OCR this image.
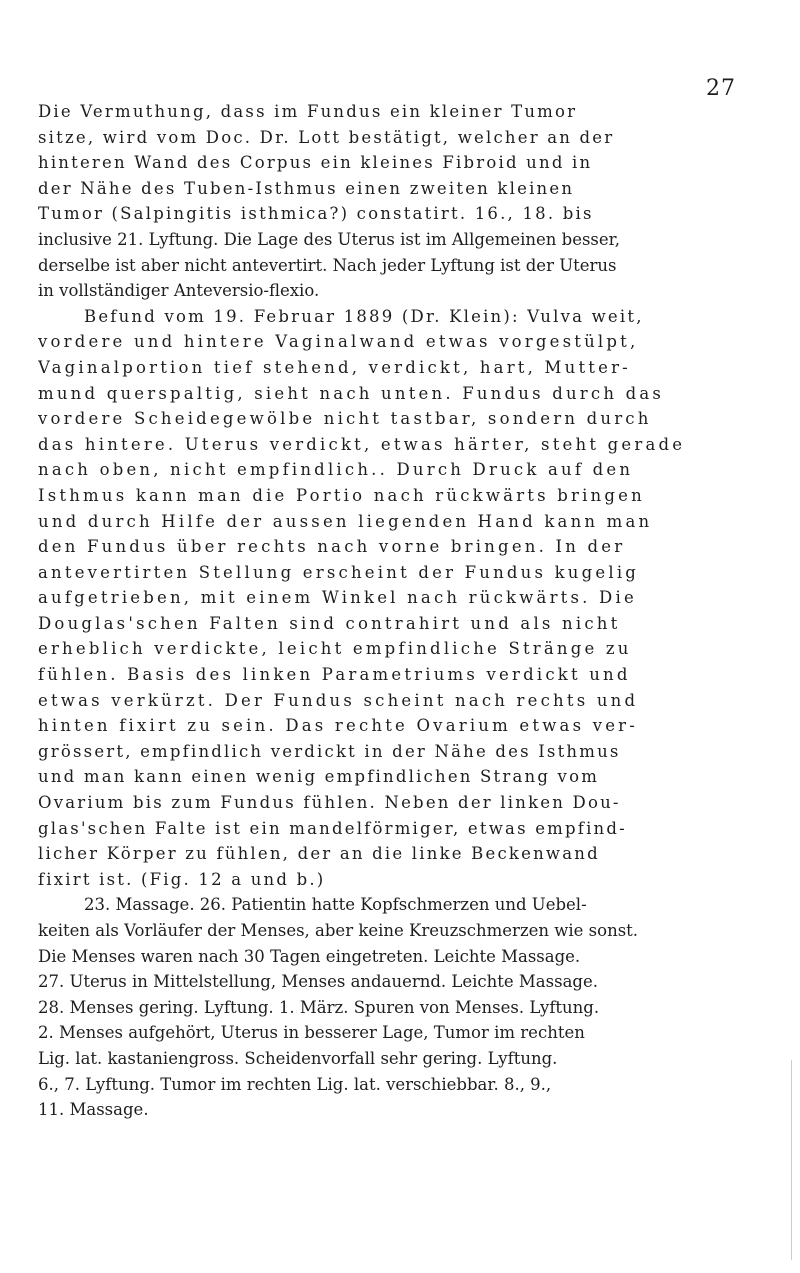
27
Die Vermuthung, dass im Fundus ein kleiner Tumor
sitze, wird vom Doc. Dr. Lott bestätigt, welcher an der
hinteren Wand des Corpus ein kleines Fibroid und in
der Nähe des Tuben-Isthmus einen zweiten kleinen
Tumor (Salpingitis isthmica?) constatirt. 16., 18. bis
inclusive 21. Lyftung. Die Lage des Uterus ist im Allgemeinen besser,
derselbe ist aber nicht antevertirt. Nach jeder Lyftung ist der Uterus
in vollständiger Anteversio-flexio.
Befund vom 19. Februar 1889 (Dr. Klein): Vulva weit,
vordere und hintere Vaginalwand etwas vorgestülpt,
Vaginalportion tief stehend, verdickt, hart, Mutter-
mund querspaltig, sieht nach unten. Fundus durch das
vordere Scheidegewölbe nicht tastbar, sondern durch
das hintere. Uterus verdickt, etwas härter, steht gerade
nach oben, nicht empfindlich.. Durch Druck auf den
Isthmus kann man die Portio nach rückwärts bringen
und durch Hilfe der aussen liegenden Hand kann man
den Fundus über rechts nach vorne bringen. In der
antevertirten Stellung erscheint der Fundus kugelig
aufgetrieben, mit einem Winkel nach rückwärts. Die
Douglas'schen Falten sind contrahirt und als nicht
erheblich verdickte, leicht empfindliche Stränge zu
fühlen. Basis des linken Parametriums verdickt und
etwas verkürzt. Der Fundus scheint nach rechts und
hinten fixirt zu sein. Das rechte Ovarium etwas ver-
grössert, empfindlich verdickt in der Nähe des Isthmus
und man kann einen wenig empfindlichen Strang vom
Ovarium bis zum Fundus fühlen. Neben der linken Dou-
glas'schen Falte ist ein mandelförmiger, etwas empfind-
licher Körper zu fühlen, der an die linke Beckenwand
fixirt ist. (Fig. 12 a und b.)
23. Massage. 26. Patientin hatte Kopfschmerzen und Uebel-
keiten als Vorläufer der Menses, aber keine Kreuzschmerzen wie sonst.
Die Menses waren nach 30 Tagen eingetreten. Leichte Massage.
27. Uterus in Mittelstellung, Menses andauernd. Leichte Massage.
28. Menses gering. Lyftung. 1. März. Spuren von Menses. Lyftung.
2. Menses aufgehört, Uterus in besserer Lage, Tumor im rechten
Lig. lat. kastaniengross. Scheidenvorfall sehr gering. Lyftung.
6., 7. Lyftung. Tumor im rechten Lig. lat. verschiebbar. 8., 9.,
11. Massage.
